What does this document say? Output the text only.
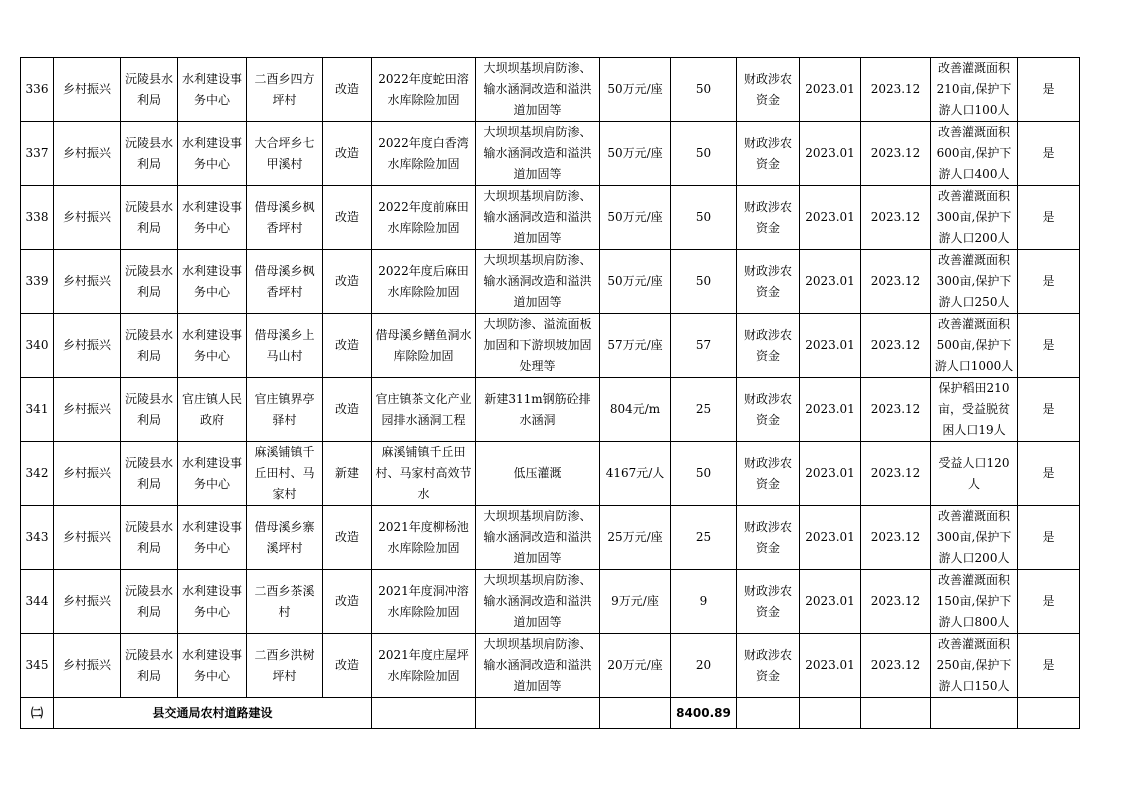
336	乡村振兴	沅陵县水利局	水利建设事务中心	二酉乡四方坪村	改造	2022年度蛇田溶水库除险加固	大坝坝基坝肩防渗、输水涵洞改造和溢洪道加固等	50万元/座	50	财政涉农资金	2023.01	2023.12	改善灌溉面积210亩,保护下游人口100人	是
337	乡村振兴	沅陵县水利局	水利建设事务中心	大合坪乡七甲溪村	改造	2022年度白香湾水库除险加固	大坝坝基坝肩防渗、输水涵洞改造和溢洪道加固等	50万元/座	50	财政涉农资金	2023.01	2023.12	改善灌溉面积600亩,保护下游人口400人	是
338	乡村振兴	沅陵县水利局	水利建设事务中心	借母溪乡枫香坪村	改造	2022年度前麻田水库除险加固	大坝坝基坝肩防渗、输水涵洞改造和溢洪道加固等	50万元/座	50	财政涉农资金	2023.01	2023.12	改善灌溉面积300亩,保护下游人口200人	是
339	乡村振兴	沅陵县水利局	水利建设事务中心	借母溪乡枫香坪村	改造	2022年度后麻田水库除险加固	大坝坝基坝肩防渗、输水涵洞改造和溢洪道加固等	50万元/座	50	财政涉农资金	2023.01	2023.12	改善灌溉面积300亩,保护下游人口250人	是
340	乡村振兴	沅陵县水利局	水利建设事务中心	借母溪乡上马山村	改造	借母溪乡鳝鱼洞水库除险加固	大坝防渗、溢流面板加固和下游坝坡加固处理等	57万元/座	57	财政涉农资金	2023.01	2023.12	改善灌溉面积500亩,保护下游人口1000人	是
341	乡村振兴	沅陵县水利局	官庄镇人民政府	官庄镇界亭驿村	改造	官庄镇茶文化产业园排水涵洞工程	新建311m钢筋砼排水涵洞	804元/m	25	财政涉农资金	2023.01	2023.12	保护稻田210亩，受益脱贫困人口19人	是
342	乡村振兴	沅陵县水利局	水利建设事务中心	麻溪铺镇千丘田村、马家村	新建	麻溪铺镇千丘田村、马家村高效节水	低压灌溉	4167元/人	50	财政涉农资金	2023.01	2023.12	受益人口120人	是
343	乡村振兴	沅陵县水利局	水利建设事务中心	借母溪乡寨溪坪村	改造	2021年度柳杨池水库除险加固	大坝坝基坝肩防渗、输水涵洞改造和溢洪道加固等	25万元/座	25	财政涉农资金	2023.01	2023.12	改善灌溉面积300亩,保护下游人口200人	是
344	乡村振兴	沅陵县水利局	水利建设事务中心	二酉乡茶溪村	改造	2021年度洞冲溶水库除险加固	大坝坝基坝肩防渗、输水涵洞改造和溢洪道加固等	9万元/座	9	财政涉农资金	2023.01	2023.12	改善灌溉面积150亩,保护下游人口800人	是
345	乡村振兴	沅陵县水利局	水利建设事务中心	二酉乡洪树坪村	改造	2021年度庄屋坪水库除险加固	大坝坝基坝肩防渗、输水涵洞改造和溢洪道加固等	20万元/座	20	财政涉农资金	2023.01	2023.12	改善灌溉面积250亩,保护下游人口150人	是
㈡	县交通局农村道路建设								8400.89					
